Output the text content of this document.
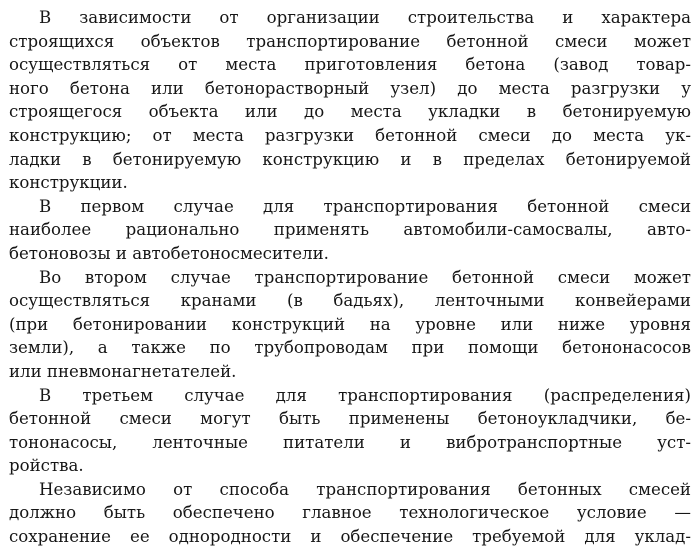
В зависимости от организации строительства и характера
строящихся объектов транспортирование бетонной смеси может
осуществляться от места приготовления бетона (завод товар-
ного бетона или бетонорастворный узел) до места разгрузки у
строящегося объекта или до места укладки в бетонируемую
конструкцию; от места разгрузки бетонной смеси до места ук-
ладки в бетонируемую конструкцию и в пределах бетонируемой
конструкции.
В первом случае для транспортирования бетонной смеси
наиболее рационально применять автомобили-самосвалы, авто-
бетоновозы и автобетоносмесители.
Во втором случае транспортирование бетонной смеси может
осуществляться кранами (в бадьях), ленточными конвейерами
(при бетонировании конструкций на уровне или ниже уровня
земли), а также по трубопроводам при помощи бетононасосов
или пневмонагнетателей.
В третьем случае для транспортирования (распределения)
бетонной смеси могут быть применены бетоноукладчики, бе-
тононасосы, ленточные питатели и вибротранспортные уст-
ройства.
Независимо от способа транспортирования бетонных смесей
должно быть обеспечено главное технологическое условие —
сохранение ее однородности и обеспечение требуемой для уклад-
